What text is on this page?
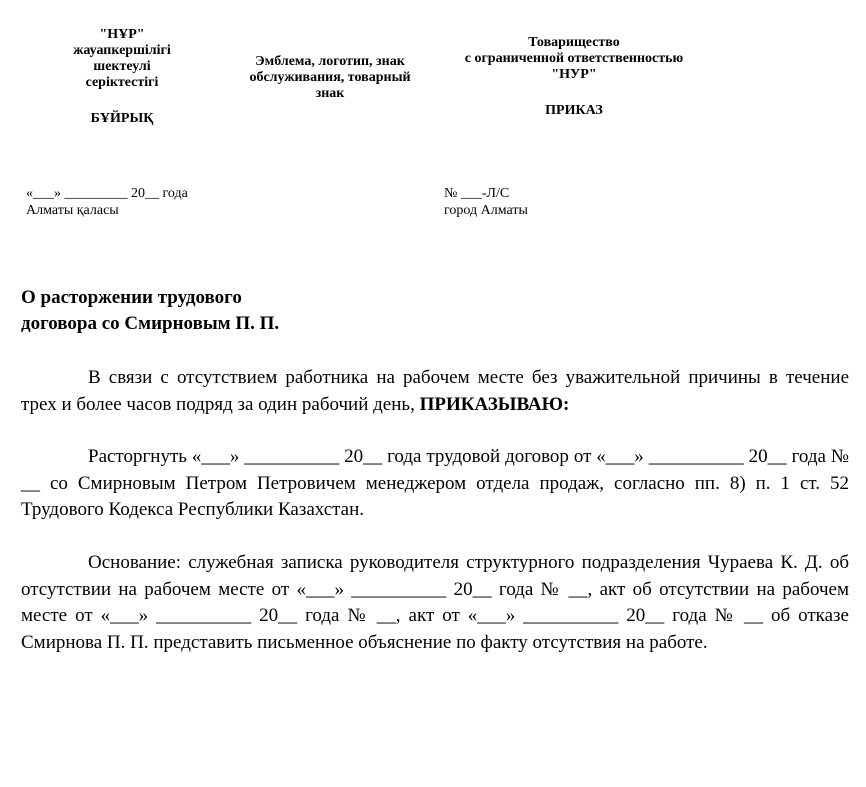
"НҰР"
жауапкершілігі
шектеулі
серіктестігі
БҰЙРЫҚ
Эмблема, логотип, знак
обслуживания, товарный
знак
Товарищество
с ограниченной ответственностью
"НУР"
ПРИКАЗ
«___» _________ 20__ года
Алматы қаласы
№ ___-Л/С
город Алматы
О расторжении трудового
договора со Смирновым П. П.

В связи с отсутствием работника на рабочем месте без уважительной причины в течение трех и более часов подряд за один рабочий день, ПРИКАЗЫВАЮ:

Расторгнуть «___» __________ 20__ года трудовой договор от «___» __________ 20__ года № __ со Смирновым Петром Петровичем менеджером отдела продаж, согласно пп. 8) п. 1 ст. 52 Трудового Кодекса Республики Казахстан.

Основание: служебная записка руководителя структурного подразделения Чураева К. Д. об отсутствии на рабочем месте от «___» __________ 20__ года № __, акт об отсутствии на рабочем месте от «___» __________ 20__ года № __, акт от «___» __________ 20__ года № __ об отказе Смирнова П. П. представить письменное объяснение по факту отсутствия на работе.
